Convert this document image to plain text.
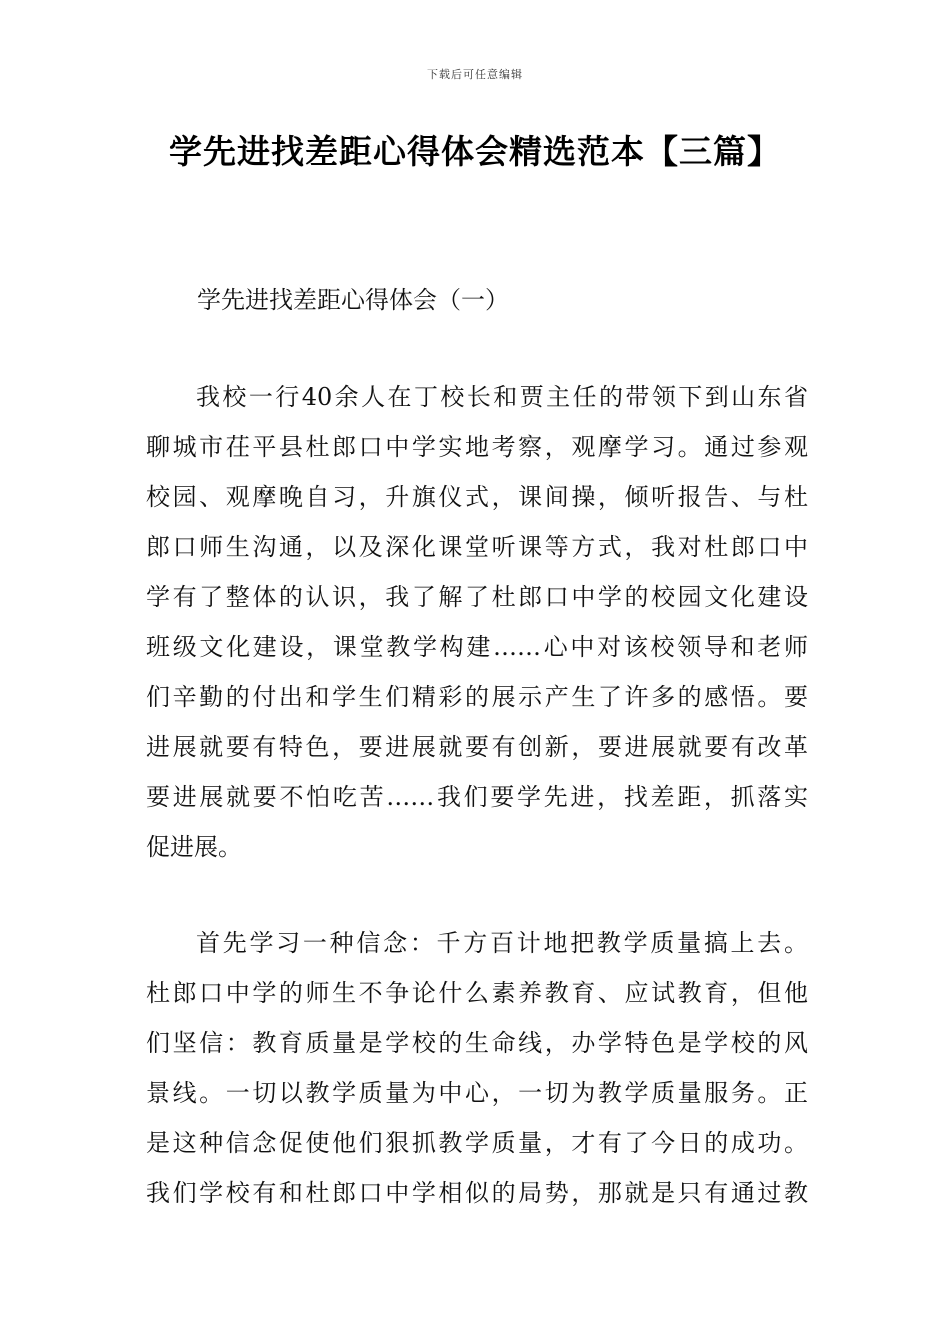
下载后可任意编辑
学先进找差距心得体会精选范本【三篇】
学先进找差距心得体会（一）
我校一行40余人在丁校长和贾主任的带领下到山东省
聊城市茌平县杜郎口中学实地考察，观摩学习。通过参观
校园、观摩晚自习，升旗仪式，课间操，倾听报告、与杜
郎口师生沟通，以及深化课堂听课等方式，我对杜郎口中
学有了整体的认识，我了解了杜郎口中学的校园文化建设
班级文化建设，课堂教学构建……心中对该校领导和老师
们辛勤的付出和学生们精彩的展示产生了许多的感悟。要
进展就要有特色，要进展就要有创新，要进展就要有改革
要进展就要不怕吃苦……我们要学先进，找差距，抓落实
促进展。
首先学习一种信念：千方百计地把教学质量搞上去。
杜郎口中学的师生不争论什么素养教育、应试教育，但他
们坚信：教育质量是学校的生命线，办学特色是学校的风
景线。一切以教学质量为中心，一切为教学质量服务。正
是这种信念促使他们狠抓教学质量，才有了今日的成功。
我们学校有和杜郎口中学相似的局势，那就是只有通过教
